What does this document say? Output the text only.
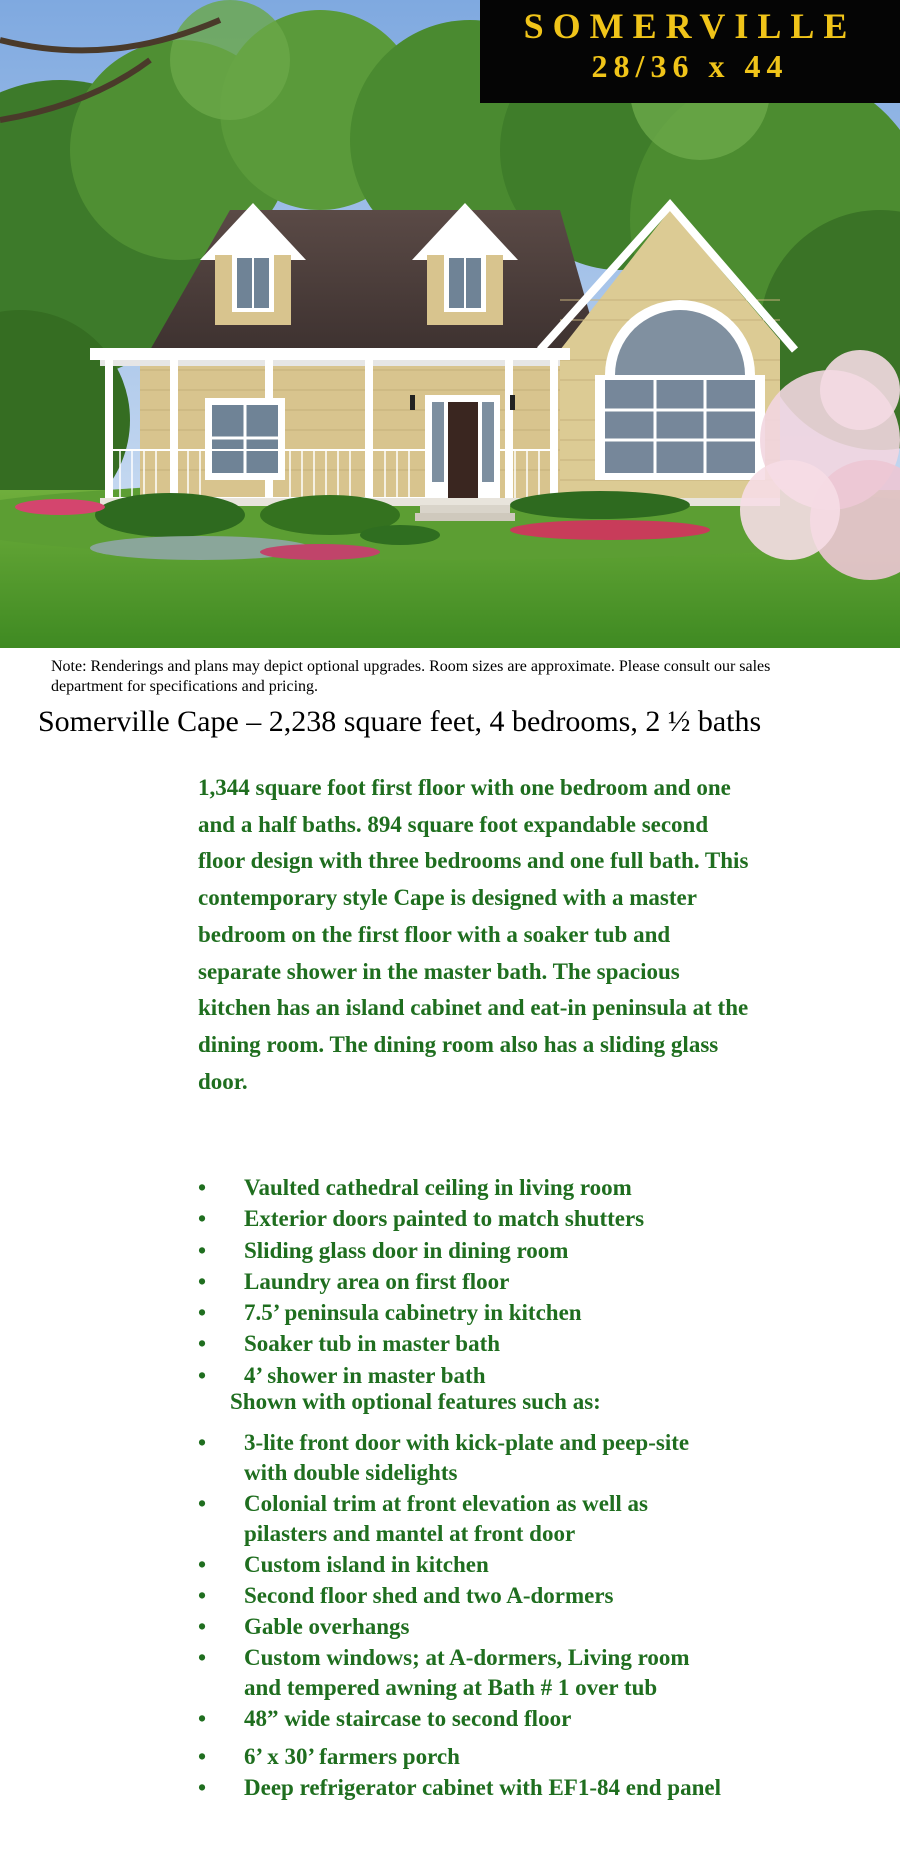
SOMERVILLE
28/36 x 44
Note: Renderings and plans may depict optional upgrades. Room sizes are approximate. Please consult our sales department for specifications and pricing.
Somerville Cape – 2,238 square feet, 4 bedrooms, 2 ½ baths

1,344 square foot first floor with one bedroom and one and a half baths. 894 square foot expandable second floor design with three bedrooms and one full bath. This contemporary style Cape is designed with a master bedroom on the first floor with a soaker tub and separate shower in the master bath. The spacious kitchen has an island cabinet and eat-in peninsula at the dining room. The dining room also has a sliding glass door.

• Vaulted cathedral ceiling in living room
• Exterior doors painted to match shutters
• Sliding glass door in dining room
• Laundry area on first floor
• 7.5’ peninsula cabinetry in kitchen
• Soaker tub in master bath
• 4’ shower in master bath
Shown with optional features such as:
• 3-lite front door with kick-plate and peep-site with double sidelights
• Colonial trim at front elevation as well as pilasters and mantel at front door
• Custom island in kitchen
• Second floor shed and two A-dormers
• Gable overhangs
• Custom windows; at A-dormers, Living room and tempered awning at Bath # 1 over tub
• 48” wide staircase to second floor
• 6’ x 30’ farmers porch
• Deep refrigerator cabinet with EF1-84 end panel
